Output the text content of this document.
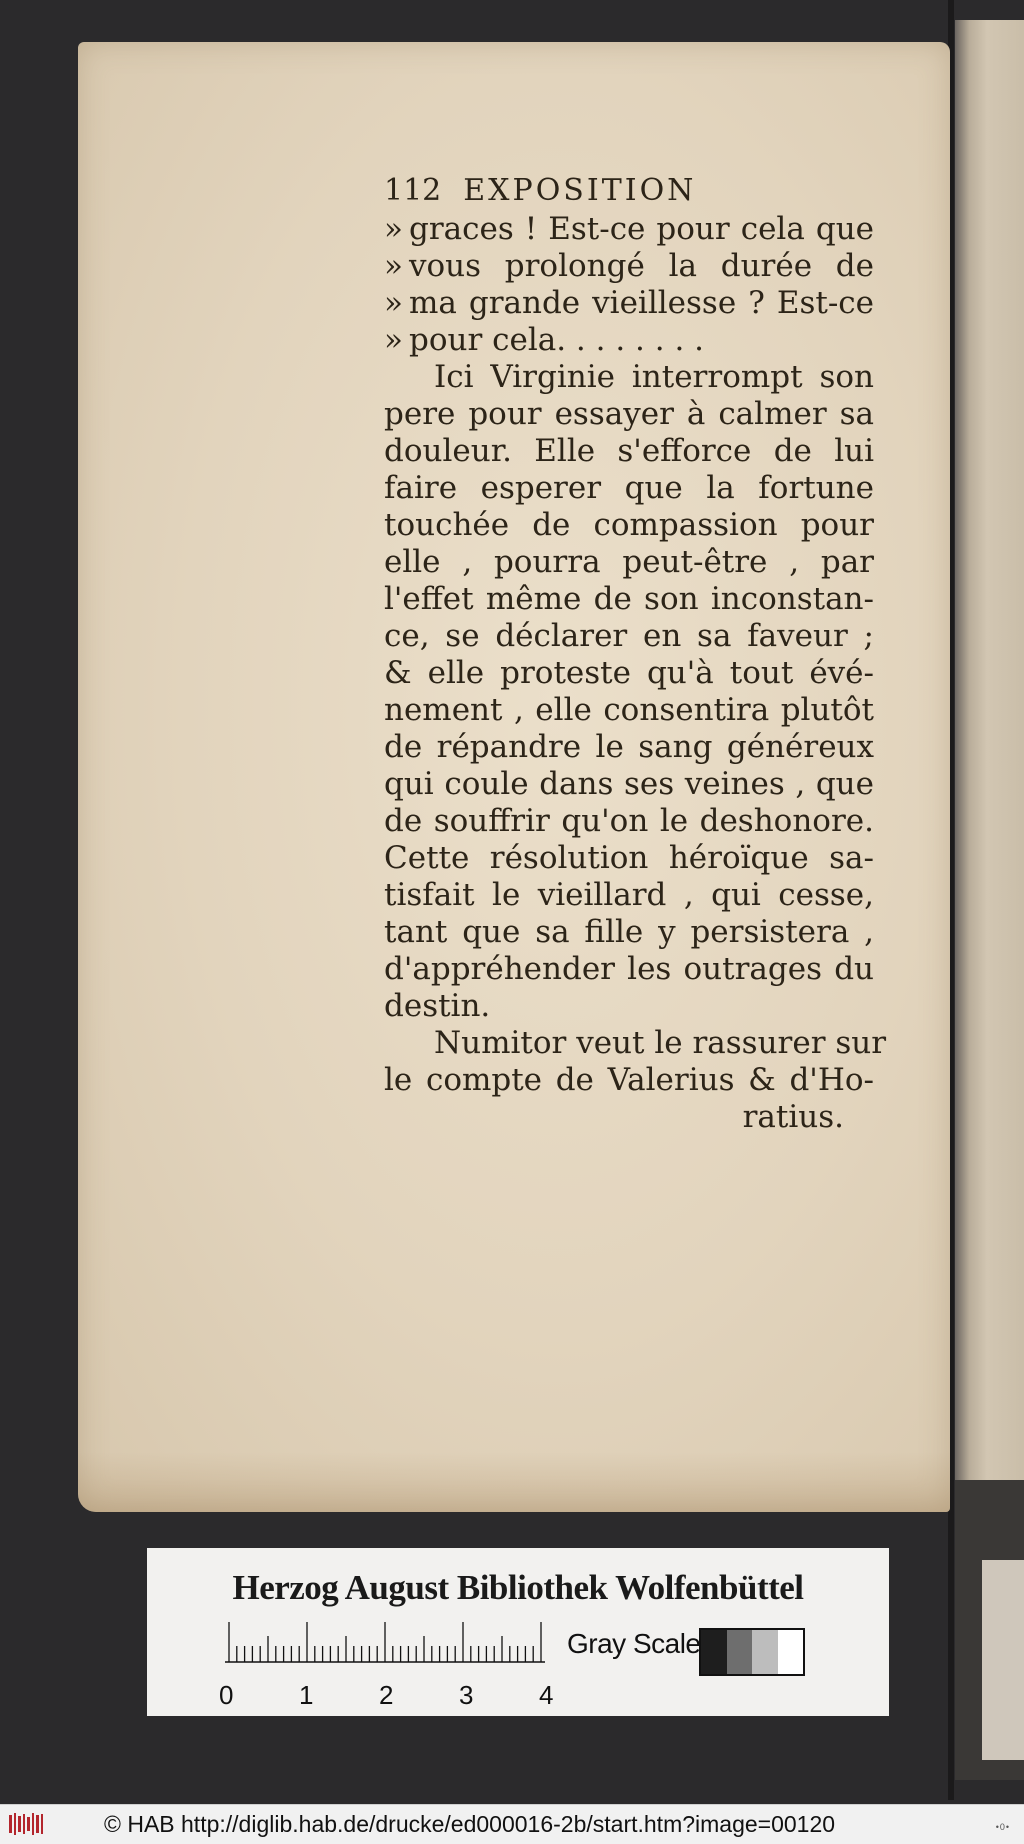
112 EXPOSITION
» graces ! Est-ce pour cela que
» vous prolongé la durée de
» ma grande vieillesse ? Est-ce
» pour cela. . . . . . . .
Ici Virginie interrompt son
pere pour essayer à calmer sa
douleur. Elle s'efforce de lui
faire esperer que la fortune
touchée de compassion pour
elle , pourra peut-être , par
l'effet même de son inconstan-
ce, se déclarer en sa faveur ;
& elle proteste qu'à tout évé-
nement , elle consentira plutôt
de répandre le sang généreux
qui coule dans ses veines , que
de souffrir qu'on le deshonore.
Cette résolution héroïque sa-
tisfait le vieillard , qui cesse,
tant que sa fille y persistera ,
d'appréhender les outrages du
destin.
Numitor veut le rassurer sur
le compte de Valerius & d'Ho-
ratius.
Herzog August Bibliothek Wolfenbüttel
0	1	2	3	4
Gray Scale
© HAB http://diglib.hab.de/drucke/ed000016-2b/start.htm?image=00120	•0•
